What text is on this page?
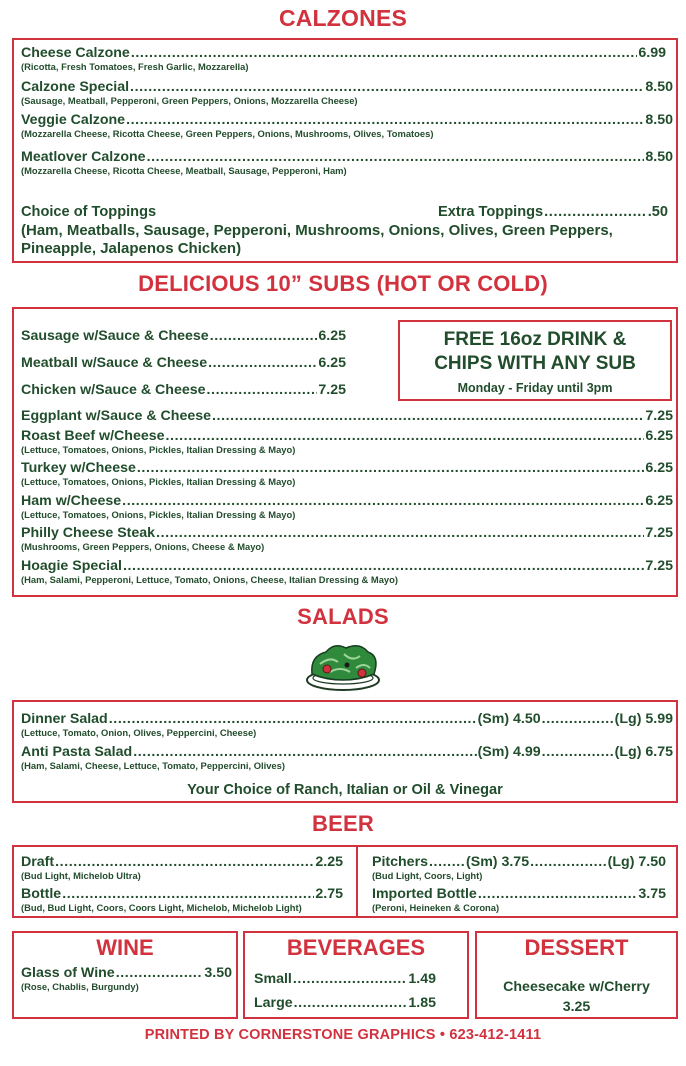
CALZONES
Cheese Calzone .....	6.99
(Ricotta, Fresh Tomatoes, Fresh Garlic, Mozzarella)
Calzone Special .....	8.50
(Sausage, Meatball, Pepperoni, Green Peppers, Onions, Mozzarella Cheese)
Veggie Calzone .....	8.50
(Mozzarella Cheese, Ricotta Cheese, Green Peppers, Onions, Mushrooms, Olives, Tomatoes)
Meatlover Calzone .....	8.50
(Mozzarella Cheese, Ricotta Cheese, Meatball, Sausage, Pepperoni, Ham)
Choice of Toppings	Extra Toppings .....	.50
(Ham, Meatballs, Sausage, Pepperoni, Mushrooms, Onions, Olives, Green Peppers,
Pineapple, Jalapenos Chicken)
DELICIOUS 10” SUBS (HOT OR COLD)
Sausage w/Sauce & Cheese .....	6.25
Meatball w/Sauce & Cheese .....	6.25
Chicken w/Sauce & Cheese .....	7.25
FREE 16oz DRINK &
CHIPS WITH ANY SUB
Monday - Friday until 3pm
Eggplant w/Sauce & Cheese .....	7.25
Roast Beef w/Cheese .....	6.25
(Lettuce, Tomatoes, Onions, Pickles, Italian Dressing & Mayo)
Turkey w/Cheese .....	6.25
(Lettuce, Tomatoes, Onions, Pickles, Italian Dressing & Mayo)
Ham w/Cheese .....	6.25
(Lettuce, Tomatoes, Onions, Pickles, Italian Dressing & Mayo)
Philly Cheese Steak .....	7.25
(Mushrooms, Green Peppers, Onions, Cheese & Mayo)
Hoagie Special .....	7.25
(Ham, Salami, Pepperoni, Lettuce, Tomato, Onions, Cheese, Italian Dressing & Mayo)
SALADS
Dinner Salad .....	(Sm) 4.50 .....	(Lg) 5.99
(Lettuce, Tomato, Onion, Olives, Peppercini, Cheese)
Anti Pasta Salad .....	(Sm) 4.99 .....	(Lg) 6.75
(Ham, Salami, Cheese, Lettuce, Tomato, Peppercini, Olives)
Your Choice of Ranch, Italian or Oil & Vinegar
BEER
Draft .....	2.25
(Bud Light, Michelob Ultra)
Bottle .....	2.75
(Bud, Bud Light, Coors, Coors Light, Michelob, Michelob Light)
Pitchers .....	(Sm) 3.75 .....	(Lg) 7.50
(Bud Light, Coors, Light)
Imported Bottle .....	3.75
(Peroni, Heineken & Corona)
WINE
Glass of Wine .....	3.50
(Rose, Chablis, Burgundy)
BEVERAGES
Small .....	1.49
Large .....	1.85
DESSERT
Cheesecake w/Cherry
3.25
PRINTED BY CORNERSTONE GRAPHICS • 623-412-1411
